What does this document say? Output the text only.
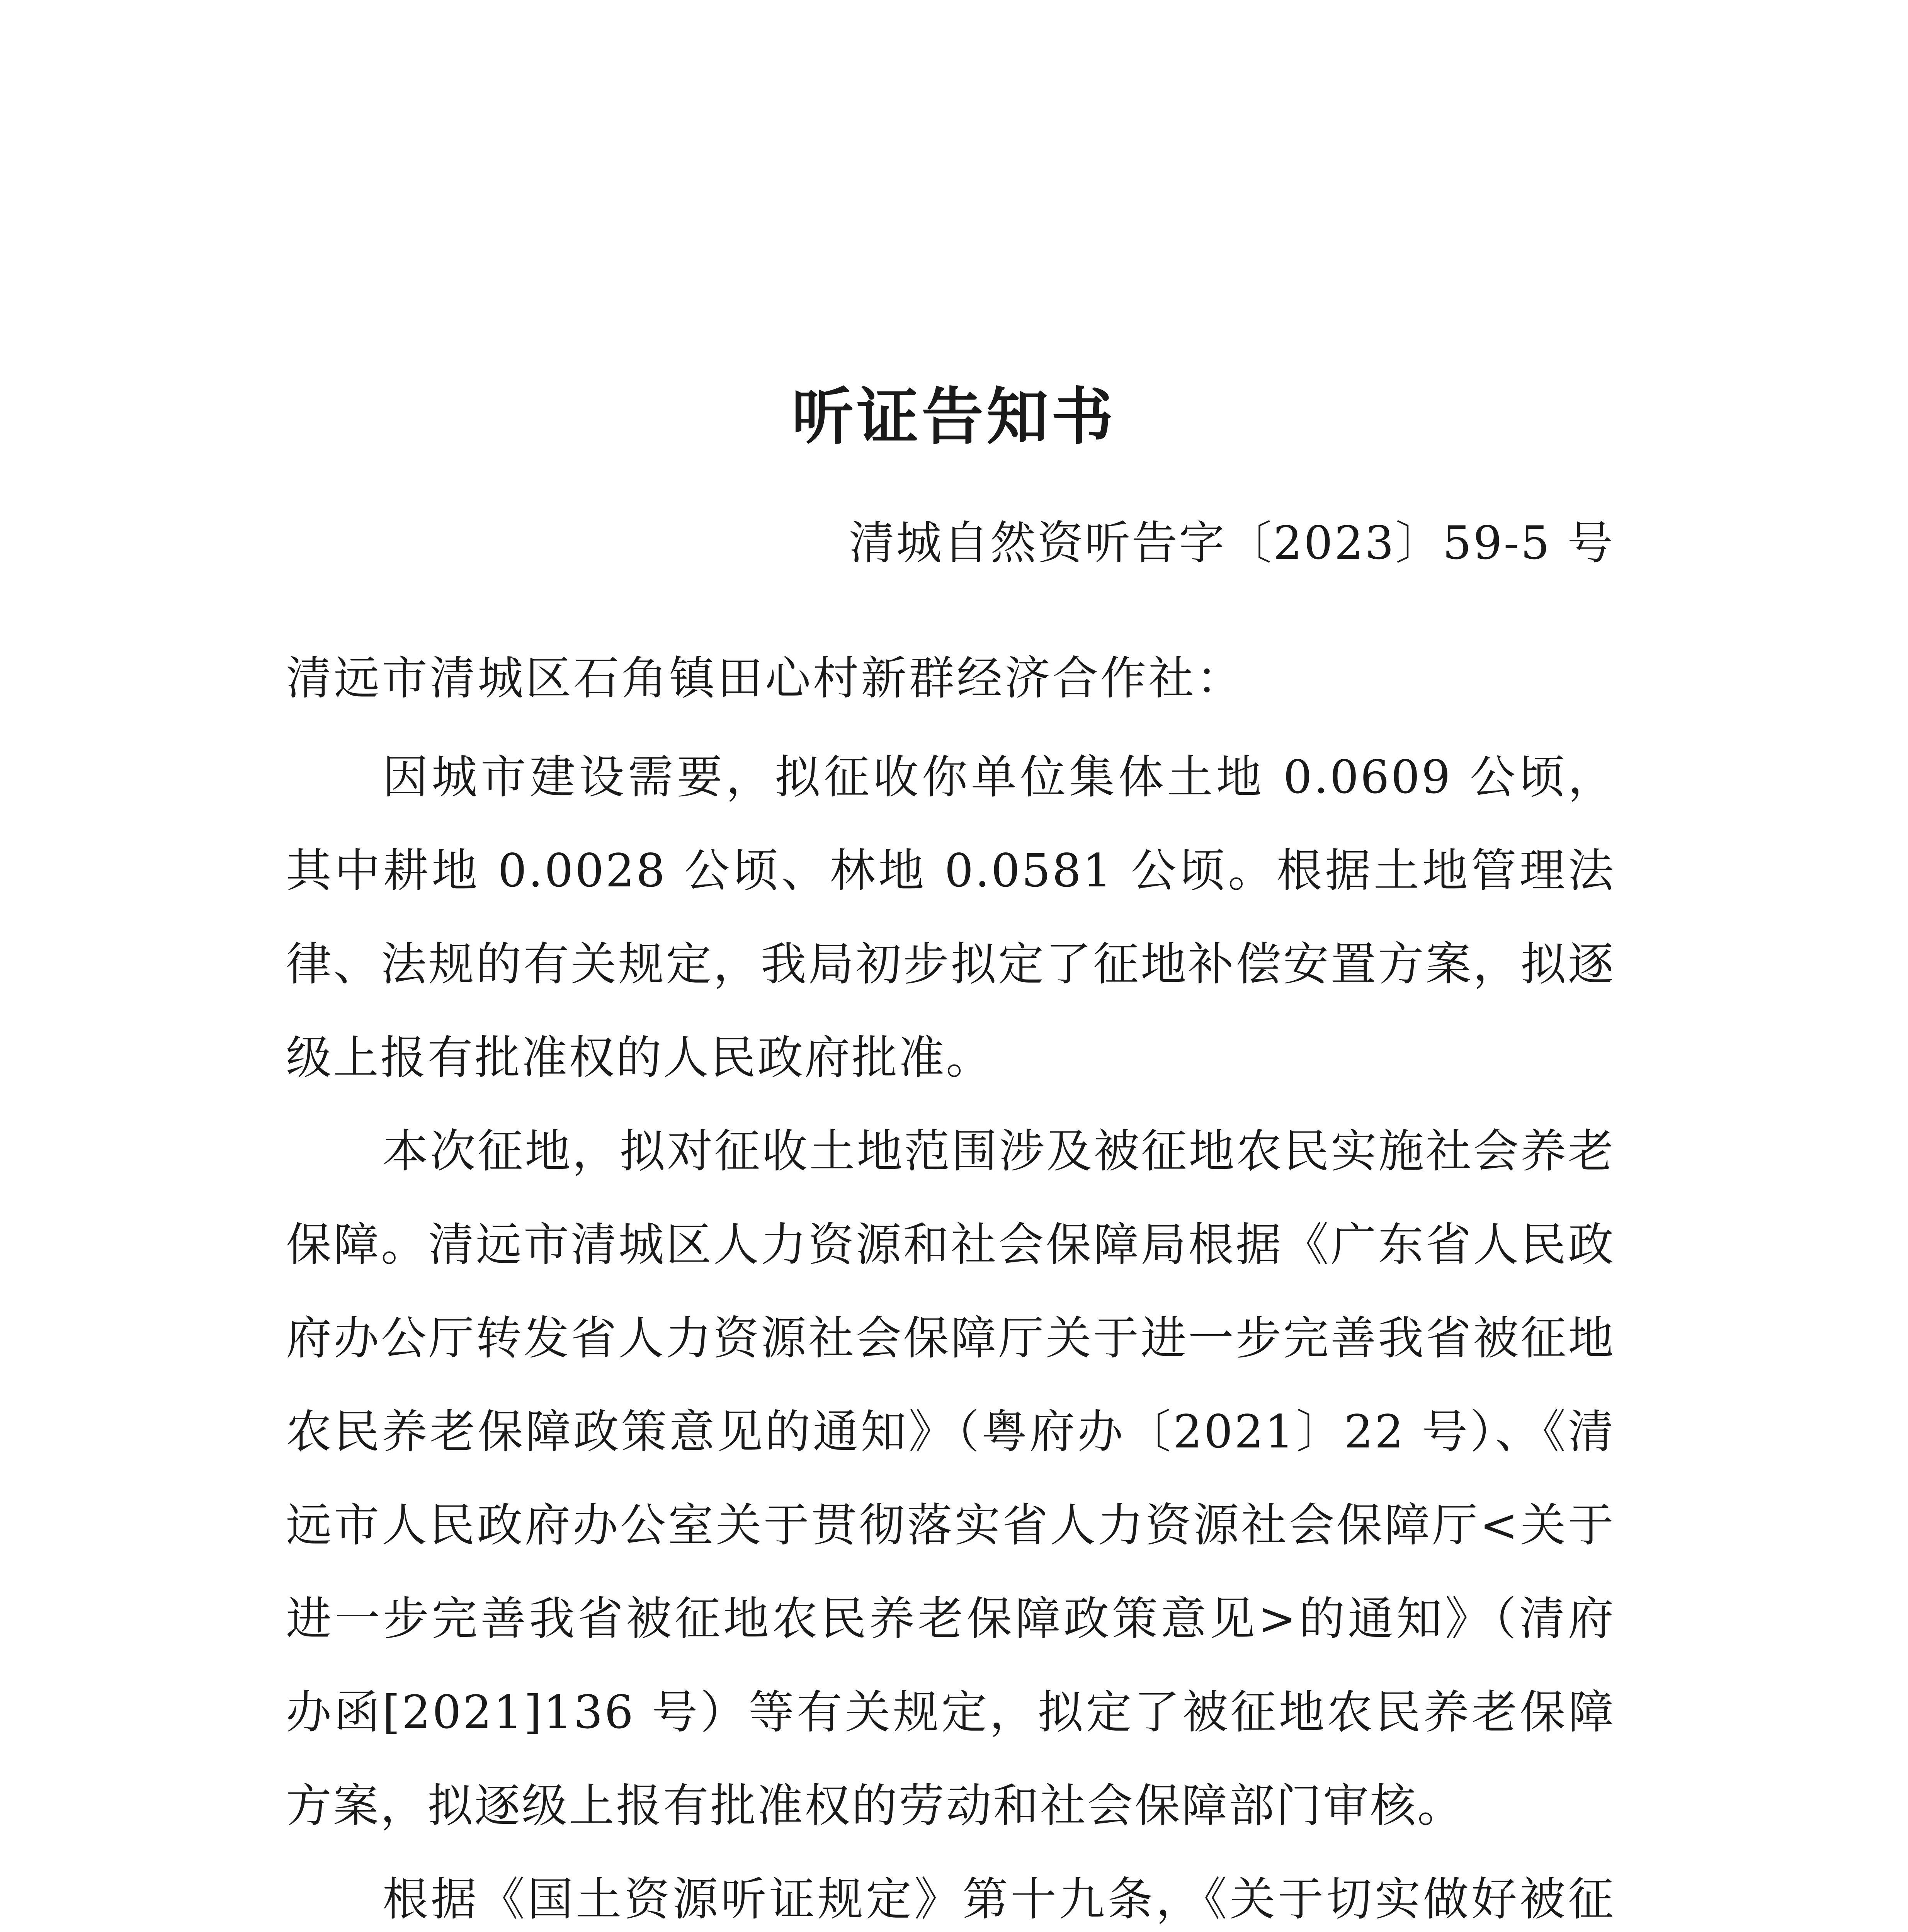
听证告知书
清城自然资听告字〔2023〕59-5 号
清远市清城区石角镇田心村新群经济合作社：

因城市建设需要，拟征收你单位集体土地 0.0609 公顷，其中耕地 0.0028 公顷、林地 0.0581 公顷。根据土地管理法律、法规的有关规定，我局初步拟定了征地补偿安置方案，拟逐级上报有批准权的人民政府批准。

本次征地，拟对征收土地范围涉及被征地农民实施社会养老保障。清远市清城区人力资源和社会保障局根据《广东省人民政府办公厅转发省人力资源社会保障厅关于进一步完善我省被征地农民养老保障政策意见的通知》（粤府办〔2021〕22 号）、《清远市人民政府办公室关于贯彻落实省人力资源社会保障厅<关于进一步完善我省被征地农民养老保障政策意见>的通知》（清府办函[2021]136 号）等有关规定，拟定了被征地农民养老保障方案，拟逐级上报有批准权的劳动和社会保障部门审核。

根据《国土资源听证规定》第十九条，《关于切实做好被征
